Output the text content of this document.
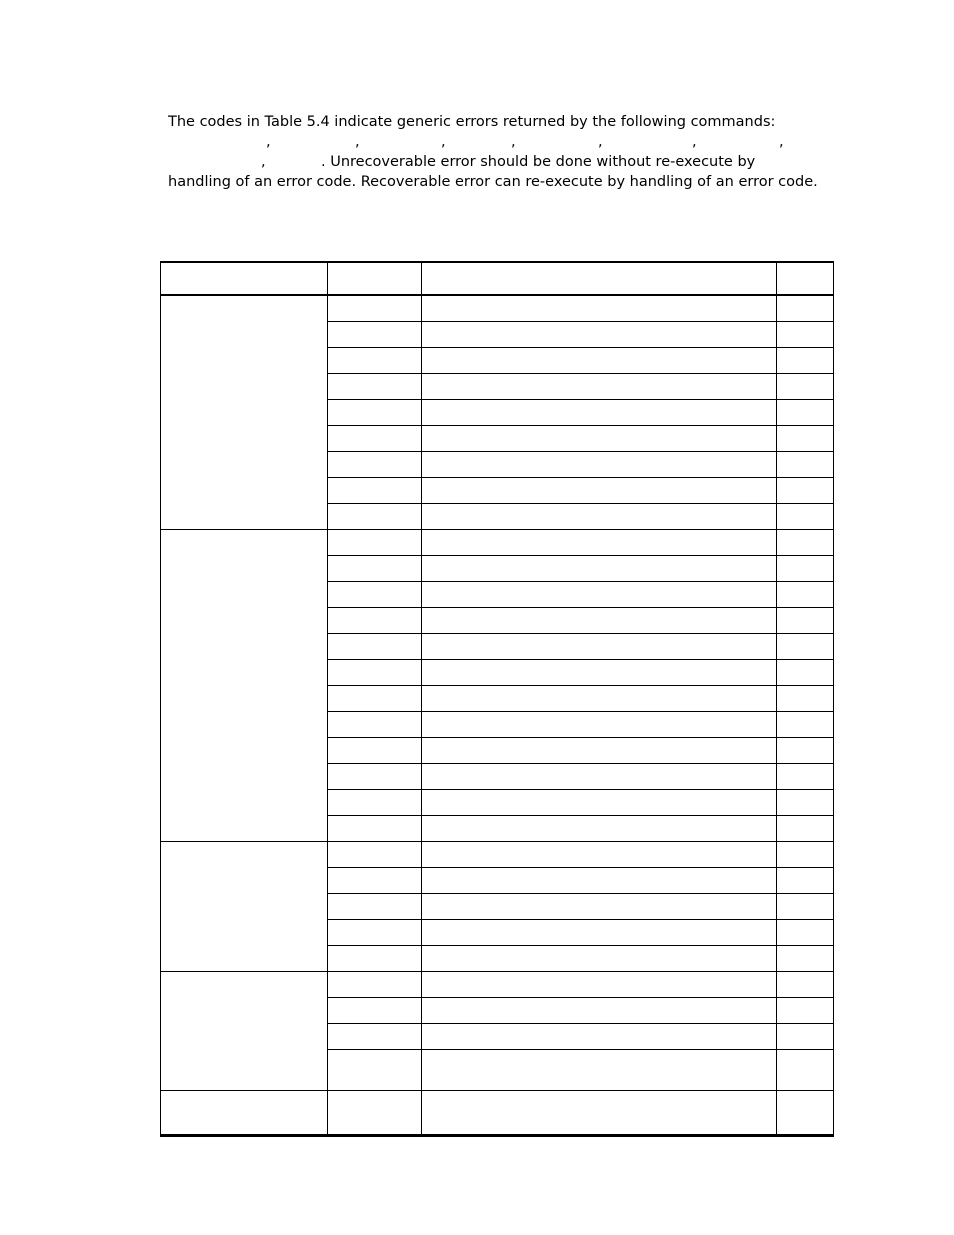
The codes in Table 5.4 indicate generic errors returned by the following commands:
,	,	,	,	,	,	,
,	. Unrecoverable error should be done without re-execute by
handling of an error code. Recoverable error can re-execute by handling of an error code.
